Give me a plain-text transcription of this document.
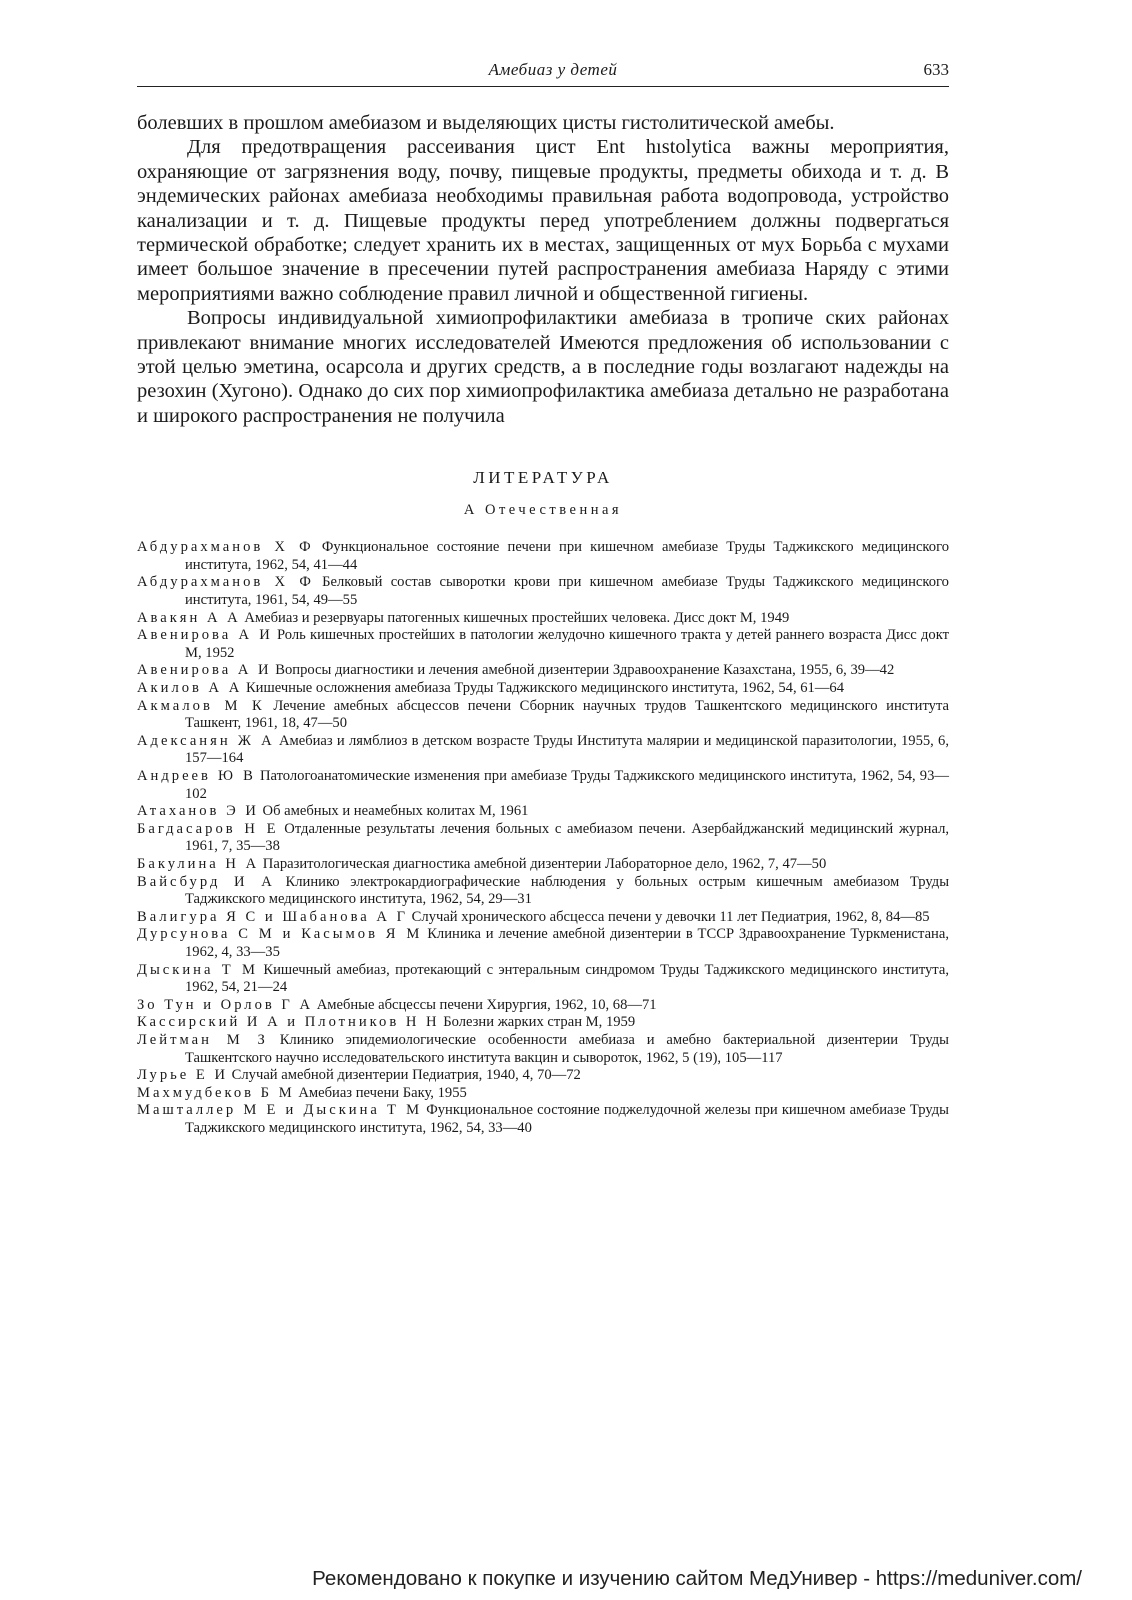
Амебиаз у детей	633

болевших в прошлом амебиазом и выделяющих цисты гистолитической амебы.

Для предотвращения рассеивания цист Ent hıstolytica важны мероприятия, охраняющие от загрязнения воду, почву, пищевые продукты, предметы обихода и т. д. В эндемических районах амебиаза необходимы правильная работа водопровода, устройство канализации и т. д. Пищевые продукты перед употреблением должны подвергаться термической обработке; следует хранить их в местах, защищенных от мух Борьба с мухами имеет большое значение в пресечении путей распространения амебиаза Наряду с этими мероприятиями важно соблюдение правил личной и общественной гигиены.

Вопросы индивидуальной химиопрофилактики амебиаза в тропиче ских районах привлекают внимание многих исследователей Имеются предложения об использовании с этой целью эметина, осарсола и других средств, а в последние годы возлагают надежды на резохин (Хугоно). Однако до сих пор химиопрофилактика амебиаза детально не разработана и широкого распространения не получила

ЛИТЕРАТУРА
А Отечественная

Абдурахманов Х Ф Функциональное состояние печени при кишечном амебиазе Труды Таджикского медицинского института, 1962, 54, 41—44

Абдурахманов Х Ф Белковый состав сыворотки крови при кишечном амебиазе Труды Таджикского медицинского института, 1961, 54, 49—55

Авакян А А Амебиаз и резервуары патогенных кишечных простейших человека. Дисс докт М, 1949

Авенирова А И Роль кишечных простейших в патологии желудочно кишечного тракта у детей раннего возраста Дисс докт М, 1952

Авенирова А И Вопросы диагностики и лечения амебной дизентерии Здравоохранение Казахстана, 1955, 6, 39—42

Акилов А А Кишечные осложнения амебиаза Труды Таджикского медицинского института, 1962, 54, 61—64

Акмалов М К Лечение амебных абсцессов печени Сборник научных трудов Ташкентского медицинского института Ташкент, 1961, 18, 47—50

Адексанян Ж А Амебиаз и лямблиоз в детском возрасте Труды Института малярии и медицинской паразитологии, 1955, 6, 157—164

Андреев Ю В Патологоанатомические изменения при амебиазе Труды Таджикского медицинского института, 1962, 54, 93—102

Атаханов Э И Об амебных и неамебных колитах М, 1961

Багдасаров Н Е Отдаленные результаты лечения больных с амебиазом печени. Азербайджанский медицинский журнал, 1961, 7, 35—38

Бакулина Н А Паразитологическая диагностика амебной дизентерии Лабораторное дело, 1962, 7, 47—50

Вайсбурд И А Клинико электрокардиографические наблюдения у больных острым кишечным амебиазом Труды Таджикского медицинского института, 1962, 54, 29—31

Валигура Я С и Шабанова А Г Случай хронического абсцесса печени у девочки 11 лет Педиатрия, 1962, 8, 84—85

Дурсунова С М и Касымов Я М Клиника и лечение амебной дизентерии в ТССР Здравоохранение Туркменистана, 1962, 4, 33—35

Дыскина Т М Кишечный амебиаз, протекающий с энтеральным синдромом Труды Таджикского медицинского института, 1962, 54, 21—24

Зо Тун и Орлов Г А Амебные абсцессы печени Хирургия, 1962, 10, 68—71

Кассирский И А и Плотников Н Н Болезни жарких стран М, 1959

Лейтман М З Клинико эпидемиологические особенности амебиаза и амебно бактериальной дизентерии Труды Ташкентского научно исследовательского института вакцин и сывороток, 1962, 5 (19), 105—117

Лурье Е И Случай амебной дизентерии Педиатрия, 1940, 4, 70—72

Махмудбеков Б М Амебиаз печени Баку, 1955

Машталлер М Е и Дыскина Т М Функциональное состояние поджелудочной железы при кишечном амебиазе Труды Таджикского медицинского института, 1962, 54, 33—40

Рекомендовано к покупке и изучению сайтом МедУнивер - https://meduniver.com/
